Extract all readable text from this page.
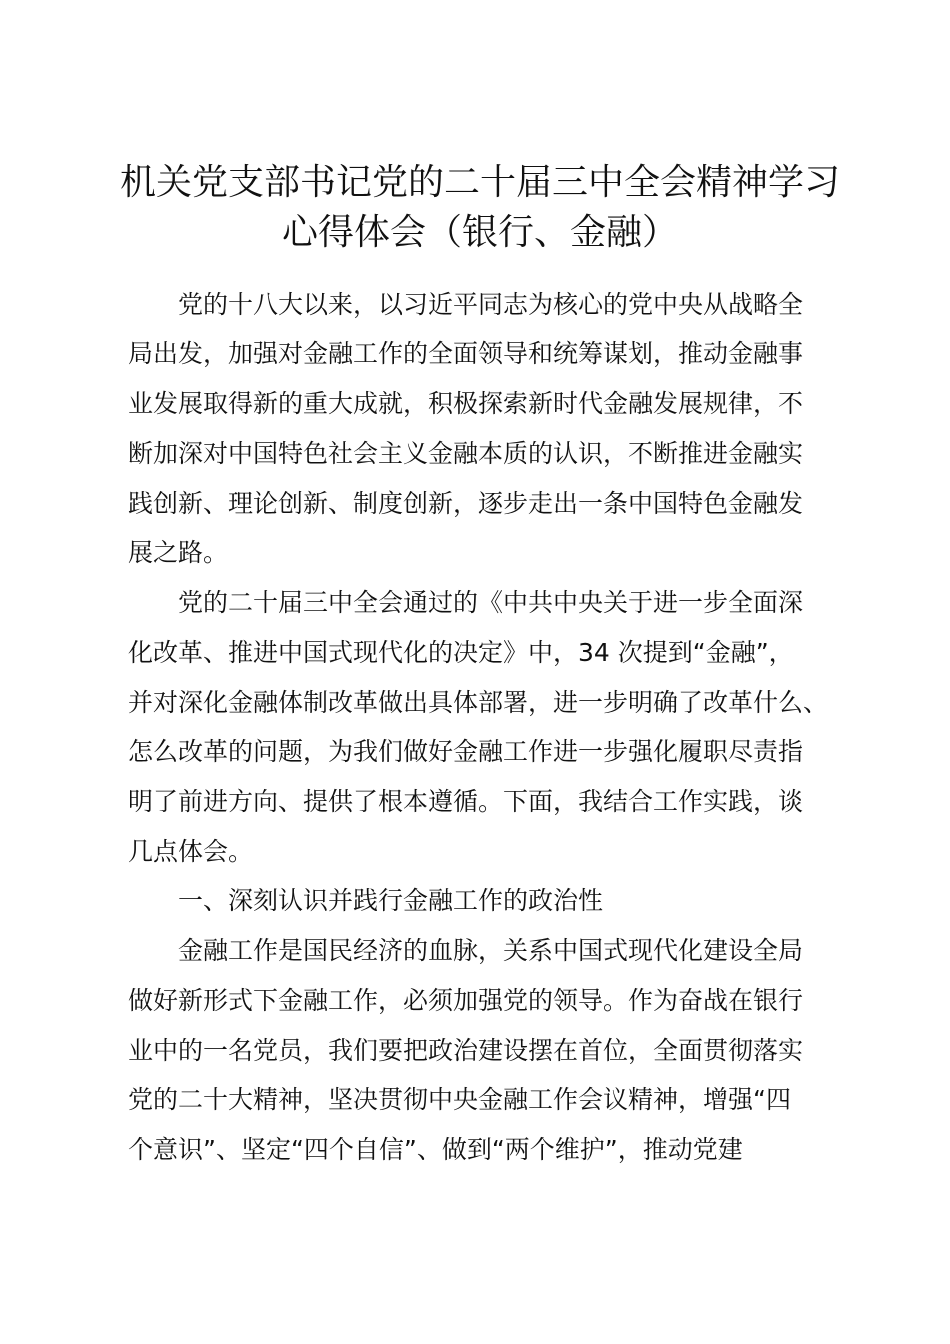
机关党支部书记党的二十届三中全会精神学习
心得体会（银行、金融）

党的十八大以来，以习近平同志为核心的党中央从战略全

局出发，加强对金融工作的全面领导和统筹谋划，推动金融事

业发展取得新的重大成就，积极探索新时代金融发展规律，不

断加深对中国特色社会主义金融本质的认识，不断推进金融实

践创新、理论创新、制度创新，逐步走出一条中国特色金融发

展之路。

党的二十届三中全会通过的《中共中央关于进一步全面深

化改革、推进中国式现代化的决定》中，34 次提到“金融”，

并对深化金融体制改革做出具体部署，进一步明确了改革什么、

怎么改革的问题，为我们做好金融工作进一步强化履职尽责指

明了前进方向、提供了根本遵循。下面，我结合工作实践，谈

几点体会。

一、深刻认识并践行金融工作的政治性

金融工作是国民经济的血脉，关系中国式现代化建设全局

做好新形式下金融工作，必须加强党的领导。作为奋战在银行

业中的一名党员，我们要把政治建设摆在首位，全面贯彻落实

党的二十大精神，坚决贯彻中央金融工作会议精神，增强“四

个意识”、坚定“四个自信”、做到“两个维护”，推动党建
